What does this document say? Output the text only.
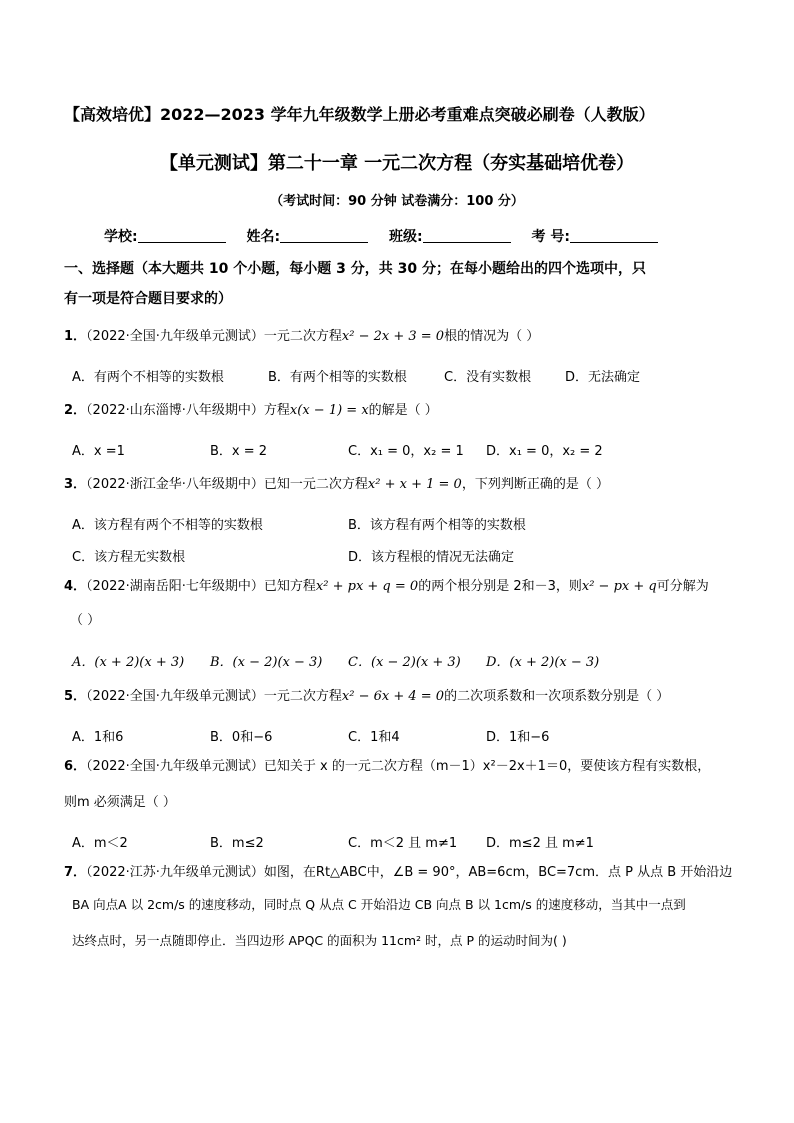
【高效培优】2022—2023 学年九年级数学上册必考重难点突破必刷卷（人教版）
【单元测试】第二十一章 一元二次方程（夯实基础培优卷）
（考试时间：90 分钟 试卷满分：100 分）
学校:	姓名:	班级:	考 号:
一、选择题（本大题共 10 个小题，每小题 3 分，共 30 分；在每小题给出的四个选项中，只
有一项是符合题目要求的）
1．（2022·全国·九年级单元测试）一元二次方程x² − 2x + 3 = 0根的情况为（ ）
A．有两个不相等的实数根	B．有两个相等的实数根	C．没有实数根	D．无法确定
2．（2022·山东淄博·八年级期中）方程x(x − 1) = x的解是（ ）
A．x =1	B．x = 2	C．x₁ = 0，x₂ = 1 D．x₁ = 0，x₂ = 2
3．（2022·浙江金华·八年级期中）已知一元二次方程x² + x + 1 = 0，下列判断正确的是（ ）
A．该方程有两个不相等的实数根	B．该方程有两个相等的实数根
C．该方程无实数根	D．该方程根的情况无法确定
4．（2022·湖南岳阳·七年级期中）已知方程x² + px + q = 0的两个根分别是 2和－3，则x² − px + q可分解为
（ ）
A．(x + 2)(x + 3) B．(x − 2)(x − 3) C．(x − 2)(x + 3) D．(x + 2)(x − 3)
5．（2022·全国·九年级单元测试）一元二次方程x² − 6x + 4 = 0的二次项系数和一次项系数分别是（ ）
A．1和6	B．0和−6	C．1和4	D．1和−6
6．（2022·全国·九年级单元测试）已知关于 x 的一元二次方程（m－1）x²－2x＋1＝0，要使该方程有实数根，
则m 必须满足（ ）
A．m＜2	B．m≤2	C．m＜2 且 m≠1 D．m≤2 且 m≠1
7．（2022·江苏·九年级单元测试）如图，在Rt△ABC中，∠B = 90°，AB=6cm，BC=7cm．点 P 从点 B 开始沿边
BA 向点A 以 2cm/s 的速度移动，同时点 Q 从点 C 开始沿边 CB 向点 B 以 1cm/s 的速度移动，当其中一点到
达终点时，另一点随即停止．当四边形 APQC 的面积为 11cm² 时，点 P 的运动时间为( )
